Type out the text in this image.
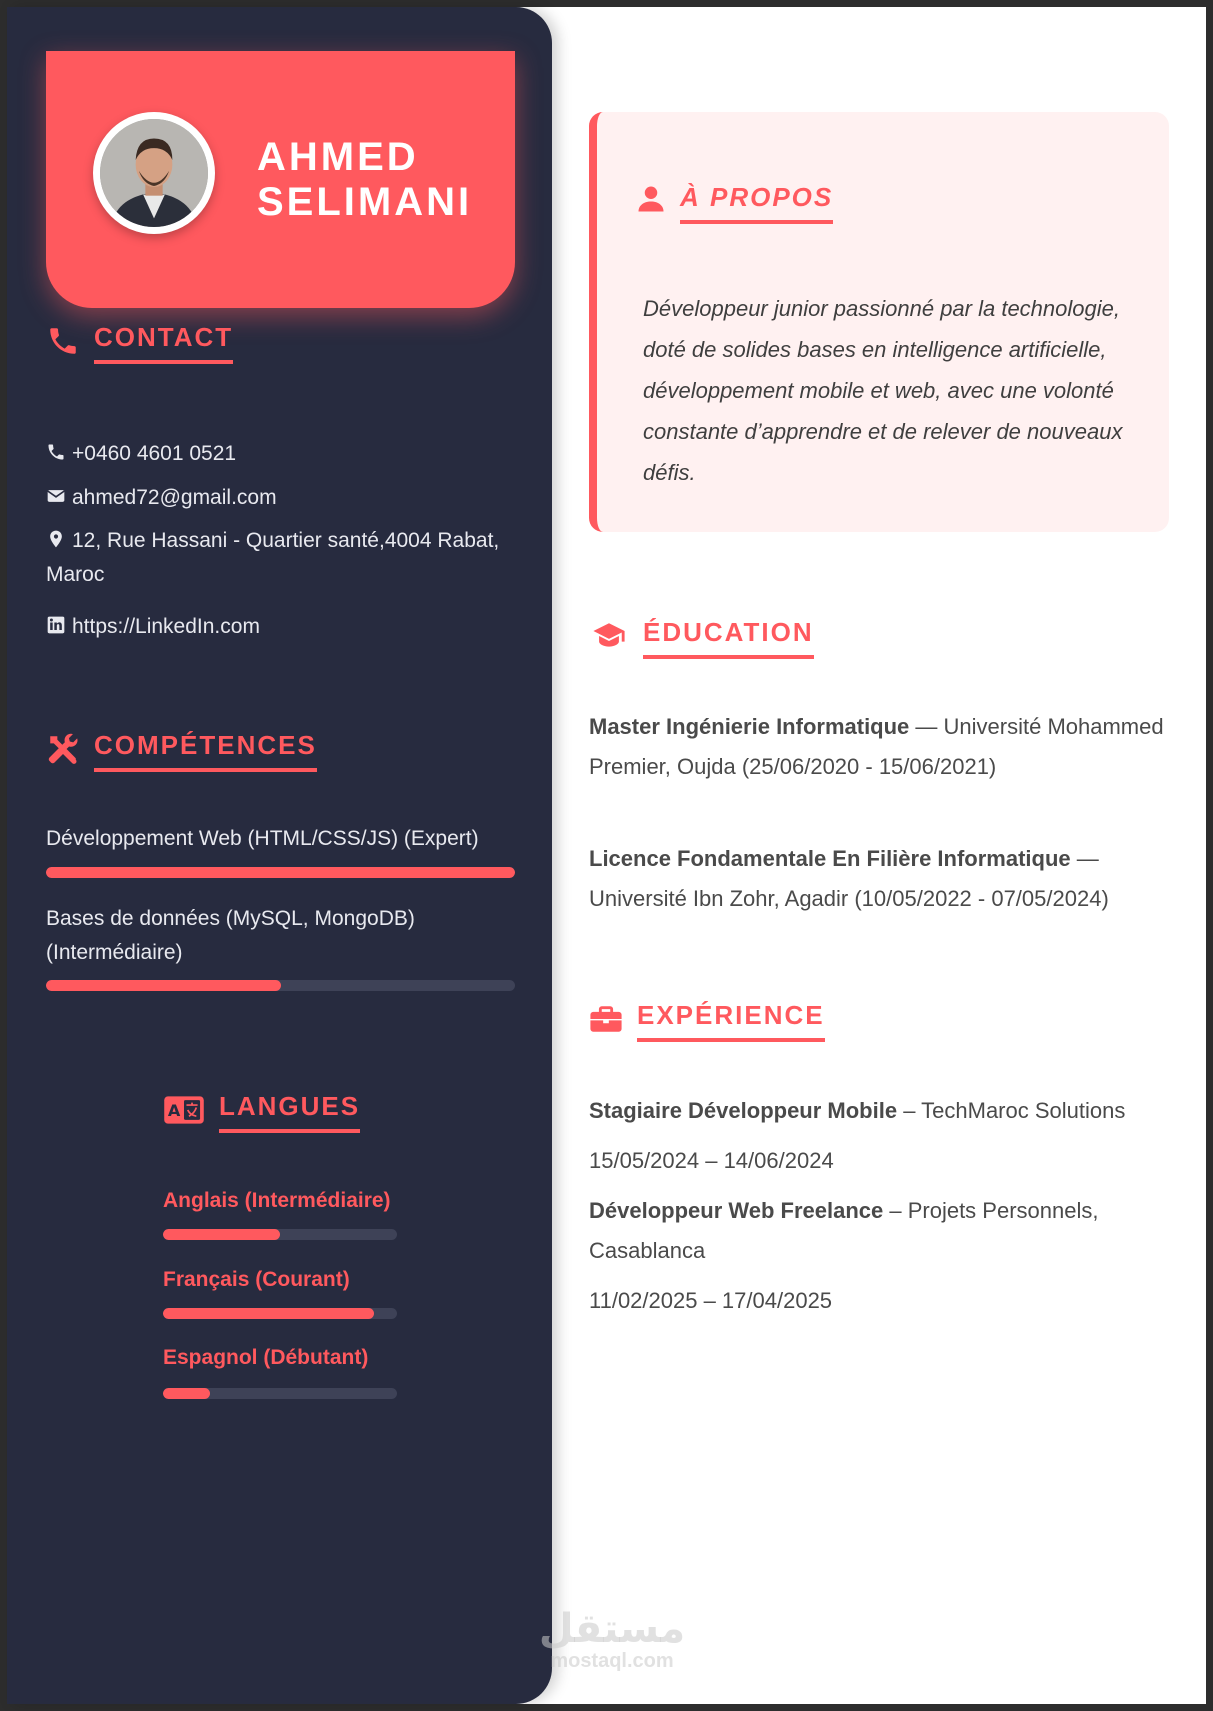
AHMED
SELIMANI
CONTACT
+0460 4601 0521
ahmed72@gmail.com
12, Rue Hassani - Quartier santé,4004 Rabat, Maroc
https://LinkedIn.com
COMPÉTENCES
Développement Web (HTML/CSS/JS) (Expert)
Bases de données (MySQL, MongoDB) (Intermédiaire)
A LANGUES
Anglais (Intermédiaire)
Français (Courant)
Espagnol (Débutant)
À PROPOS
Développeur junior passionné par la technologie, doté de solides bases en intelligence artificielle, développement mobile et web, avec une volonté constante d’apprendre et de relever de nouveaux défis.
ÉDUCATION
Master Ingénierie Informatique — Université Mohammed Premier, Oujda (25/06/2020 - 15/06/2021)
Licence Fondamentale En Filière Informatique — Université Ibn Zohr, Agadir (10/05/2022 - 07/05/2024)
EXPÉRIENCE
Stagiaire Développeur Mobile – TechMaroc Solutions
15/05/2024 – 14/06/2024
Développeur Web Freelance – Projets Personnels, Casablanca
11/02/2025 – 17/04/2025
مستقل
mostaql.com
